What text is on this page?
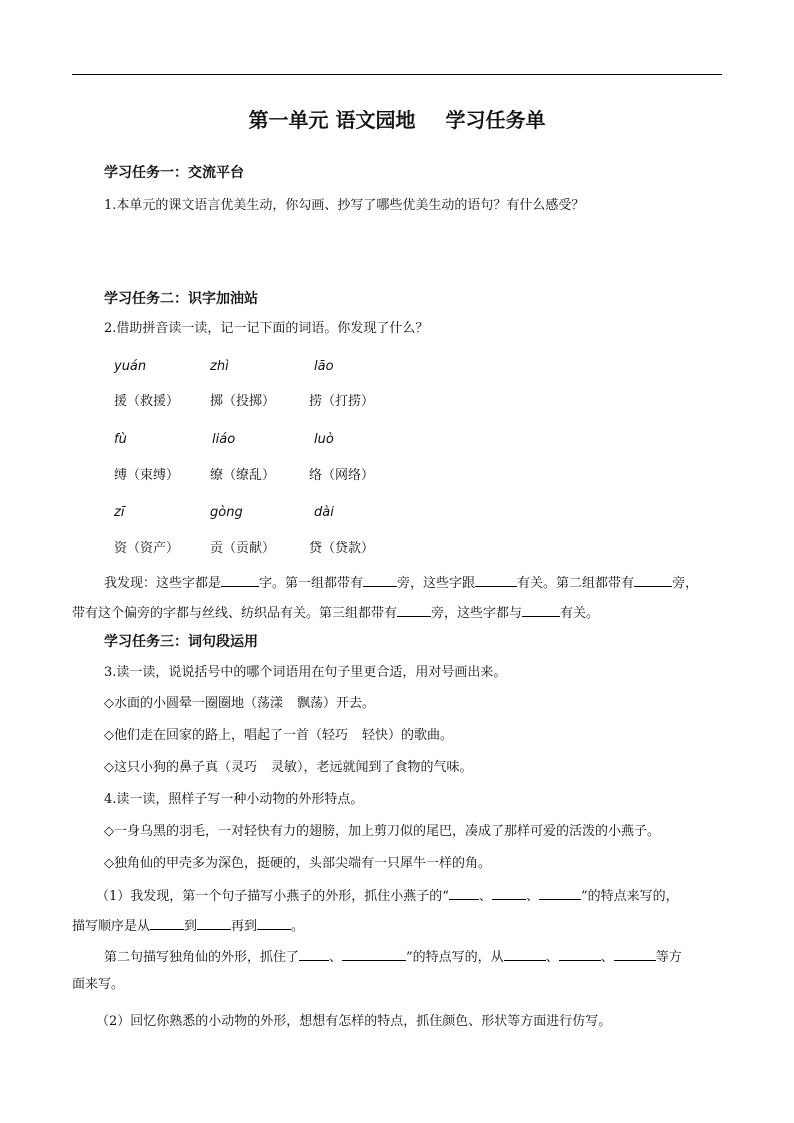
第一单元 语文园地 学习任务单
学习任务一：交流平台
1.本单元的课文语言优美生动，你勾画、抄写了哪些优美生动的语句？有什么感受？
学习任务二：识字加油站
2.借助拼音读一读，记一记下面的词语。你发现了什么？
yuán	zhì	lāo
援（救援） 掷（投掷）	捞（打捞）
fù	liáo	luò
缚（束缚） 缭（缭乱）	络（网络）
zī	gòng	dài
资（资产） 贡（贡献）	贷（贷款）
我发现：这些字都是	字。第一组都带有	旁，这些字跟	有关。第二组都带有	旁，
带有这个偏旁的字都与丝线、纺织品有关。第三组都带有	旁，这些字都与	有关。
学习任务三：词句段运用
3.读一读，说说括号中的哪个词语用在句子里更合适，用对号画出来。
◇水面的小圆晕一圈圈地（荡漾 飘荡）开去。
◇他们走在回家的路上，唱起了一首（轻巧 轻快）的歌曲。
◇这只小狗的鼻子真（灵巧 灵敏），老远就闻到了食物的气味。
4.读一读，照样子写一种小动物的外形特点。
◇一身乌黑的羽毛，一对轻快有力的翅膀，加上剪刀似的尾巴，凑成了那样可爱的活泼的小燕子。
◇独角仙的甲壳多为深色，挺硬的，头部尖端有一只犀牛一样的角。
（1）我发现，第一个句子描写小燕子的外形，抓住小燕子的“ 、	、	”的特点来写的，
描写顺序是从	到	再到	。
第二句描写独角仙的外形，抓住了 、	”的特点写的，从	、	、	等方
面来写。
（2）回忆你熟悉的小动物的外形，想想有怎样的特点，抓住颜色、形状等方面进行仿写。
